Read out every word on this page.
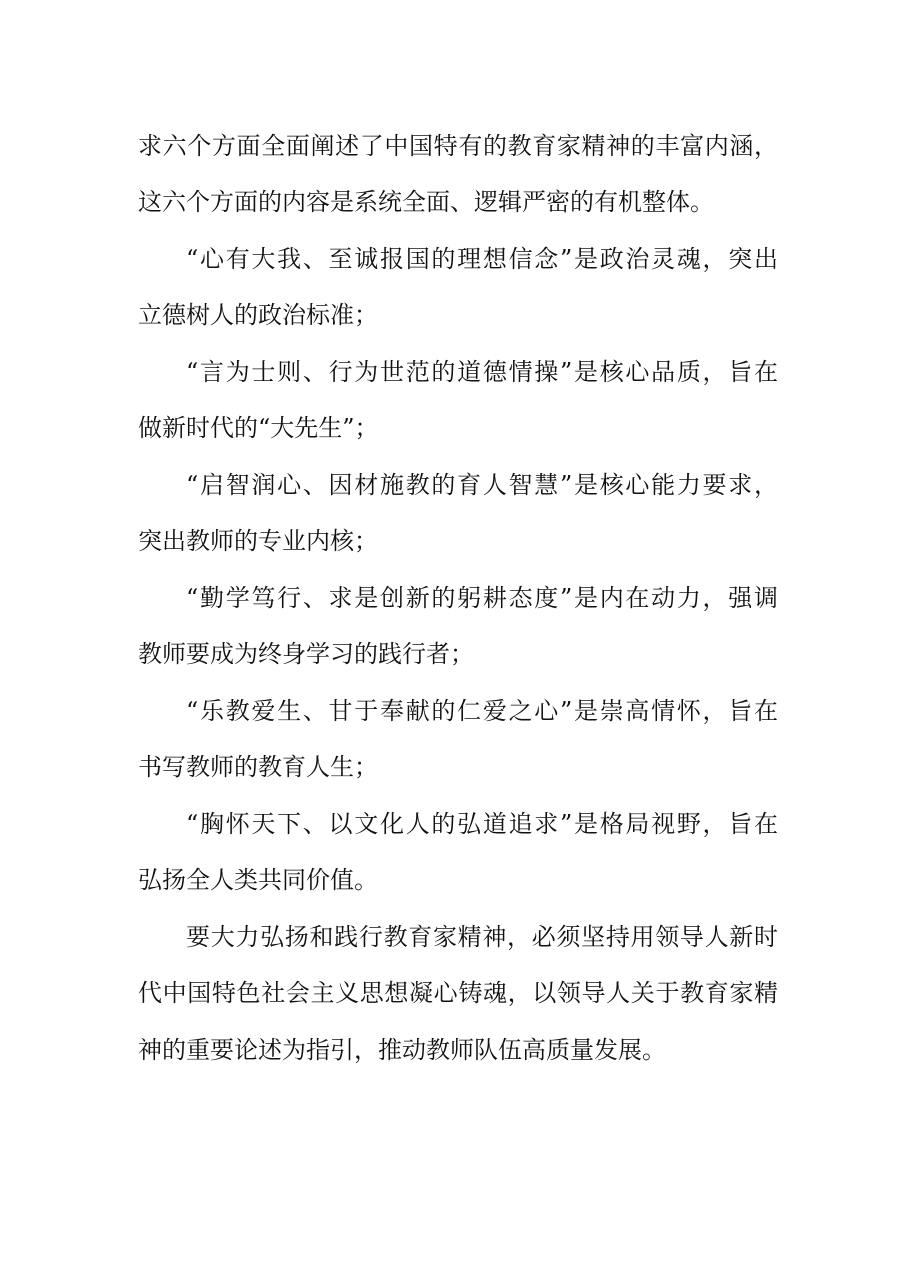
求六个方面全面阐述了中国特有的教育家精神的丰富内涵，
这六个方面的内容是系统全面、逻辑严密的有机整体。
“心有大我、至诚报国的理想信念”是政治灵魂，突出
立德树人的政治标准；
“言为士则、行为世范的道德情操”是核心品质，旨在
做新时代的“大先生”；
“启智润心、因材施教的育人智慧”是核心能力要求，
突出教师的专业内核；
“勤学笃行、求是创新的躬耕态度”是内在动力，强调
教师要成为终身学习的践行者；
“乐教爱生、甘于奉献的仁爱之心”是崇高情怀，旨在
书写教师的教育人生；
“胸怀天下、以文化人的弘道追求”是格局视野，旨在
弘扬全人类共同价值。
要大力弘扬和践行教育家精神，必须坚持用领导人新时
代中国特色社会主义思想凝心铸魂，以领导人关于教育家精
神的重要论述为指引，推动教师队伍高质量发展。
